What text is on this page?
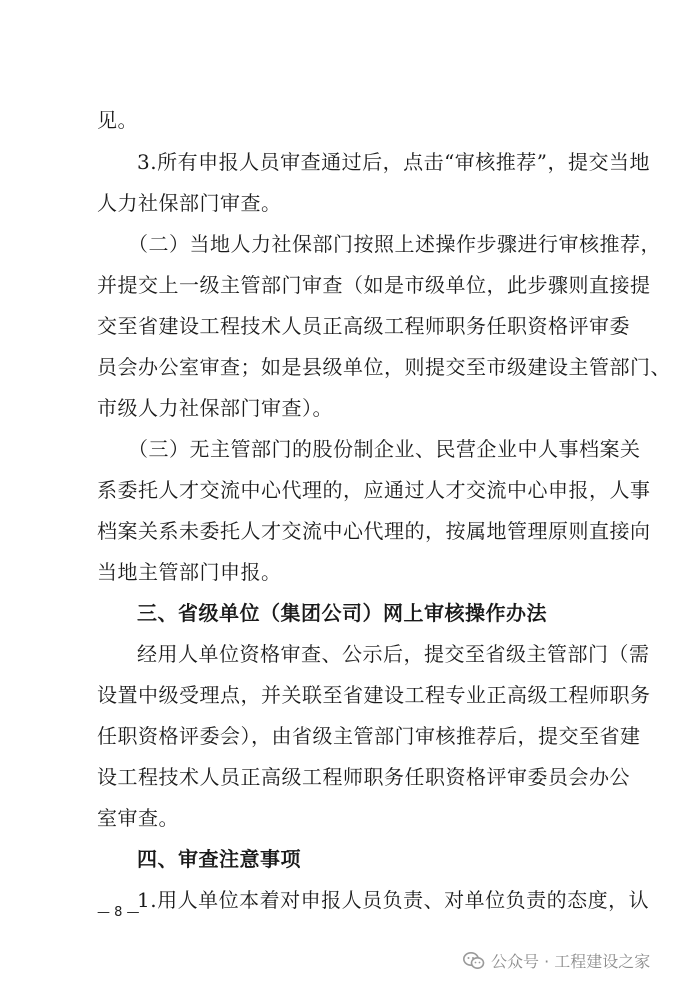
见。
3.所有申报人员审查通过后，点击“审核推荐”，提交当地
人力社保部门审查。
（二）当地人力社保部门按照上述操作步骤进行审核推荐，
并提交上一级主管部门审查（如是市级单位，此步骤则直接提
交至省建设工程技术人员正高级工程师职务任职资格评审委
员会办公室审查；如是县级单位，则提交至市级建设主管部门、
市级人力社保部门审查）。
（三）无主管部门的股份制企业、民营企业中人事档案关
系委托人才交流中心代理的，应通过人才交流中心申报，人事
档案关系未委托人才交流中心代理的，按属地管理原则直接向
当地主管部门申报。
三、省级单位（集团公司）网上审核操作办法
经用人单位资格审查、公示后，提交至省级主管部门（需
设置中级受理点，并关联至省建设工程专业正高级工程师职务
任职资格评委会），由省级主管部门审核推荐后，提交至省建
设工程技术人员正高级工程师职务任职资格评审委员会办公
室审查。
四、审查注意事项
1.用人单位本着对申报人员负责、对单位负责的态度，认
— 8 —
公众号 · 工程建设之家
